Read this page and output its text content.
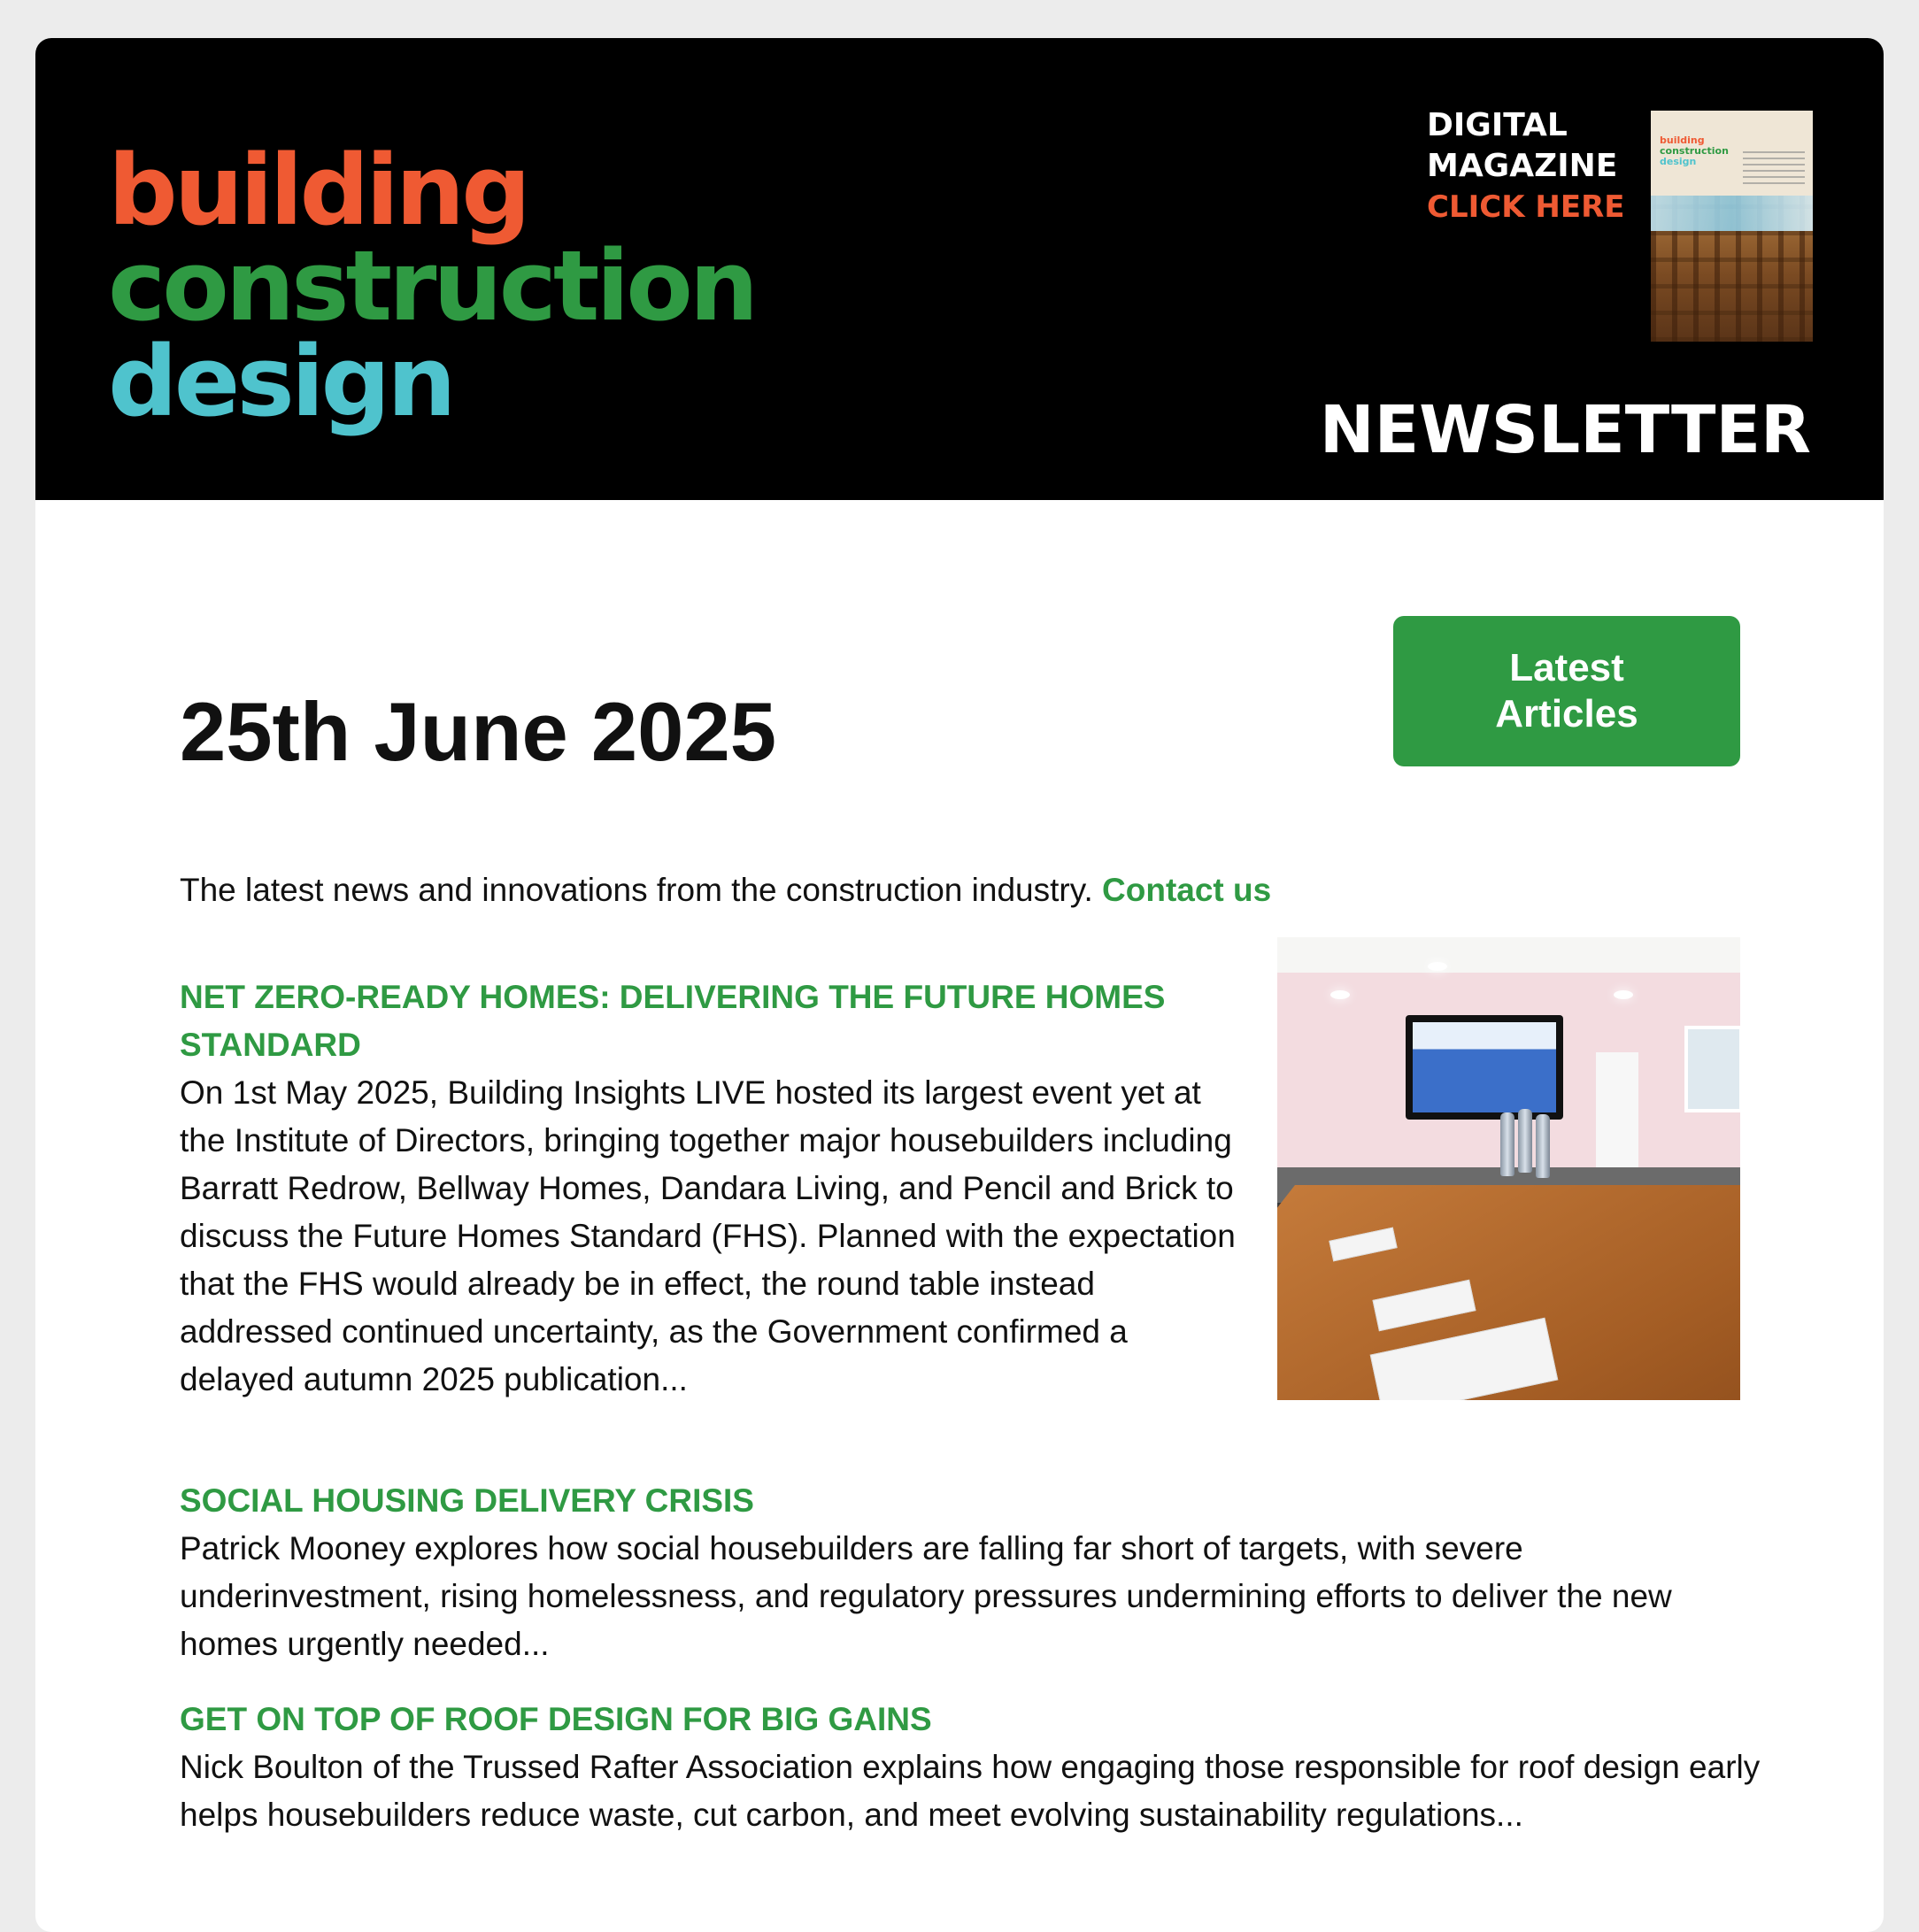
building
construction
design
DIGITAL
MAGAZINE
CLICK HERE
building
construction
design
NEWSLETTER
25th June 2025
Latest Articles
The latest news and innovations from the construction industry. Contact us
NET ZERO-READY HOMES: DELIVERING THE FUTURE HOMES STANDARD
On 1st May 2025, Building Insights LIVE hosted its largest event yet at the Institute of Directors, bringing together major housebuilders including Barratt Redrow, Bellway Homes, Dandara Living, and Pencil and Brick to discuss the Future Homes Standard (FHS). Planned with the expectation that the FHS would already be in effect, the round table instead addressed continued uncertainty, as the Government confirmed a delayed autumn 2025 publication...
SOCIAL HOUSING DELIVERY CRISIS
Patrick Mooney explores how social housebuilders are falling far short of targets, with severe underinvestment, rising homelessness, and regulatory pressures undermining efforts to deliver the new homes urgently needed...
GET ON TOP OF ROOF DESIGN FOR BIG GAINS
Nick Boulton of the Trussed Rafter Association explains how engaging those responsible for roof design early helps housebuilders reduce waste, cut carbon, and meet evolving sustainability regulations...
